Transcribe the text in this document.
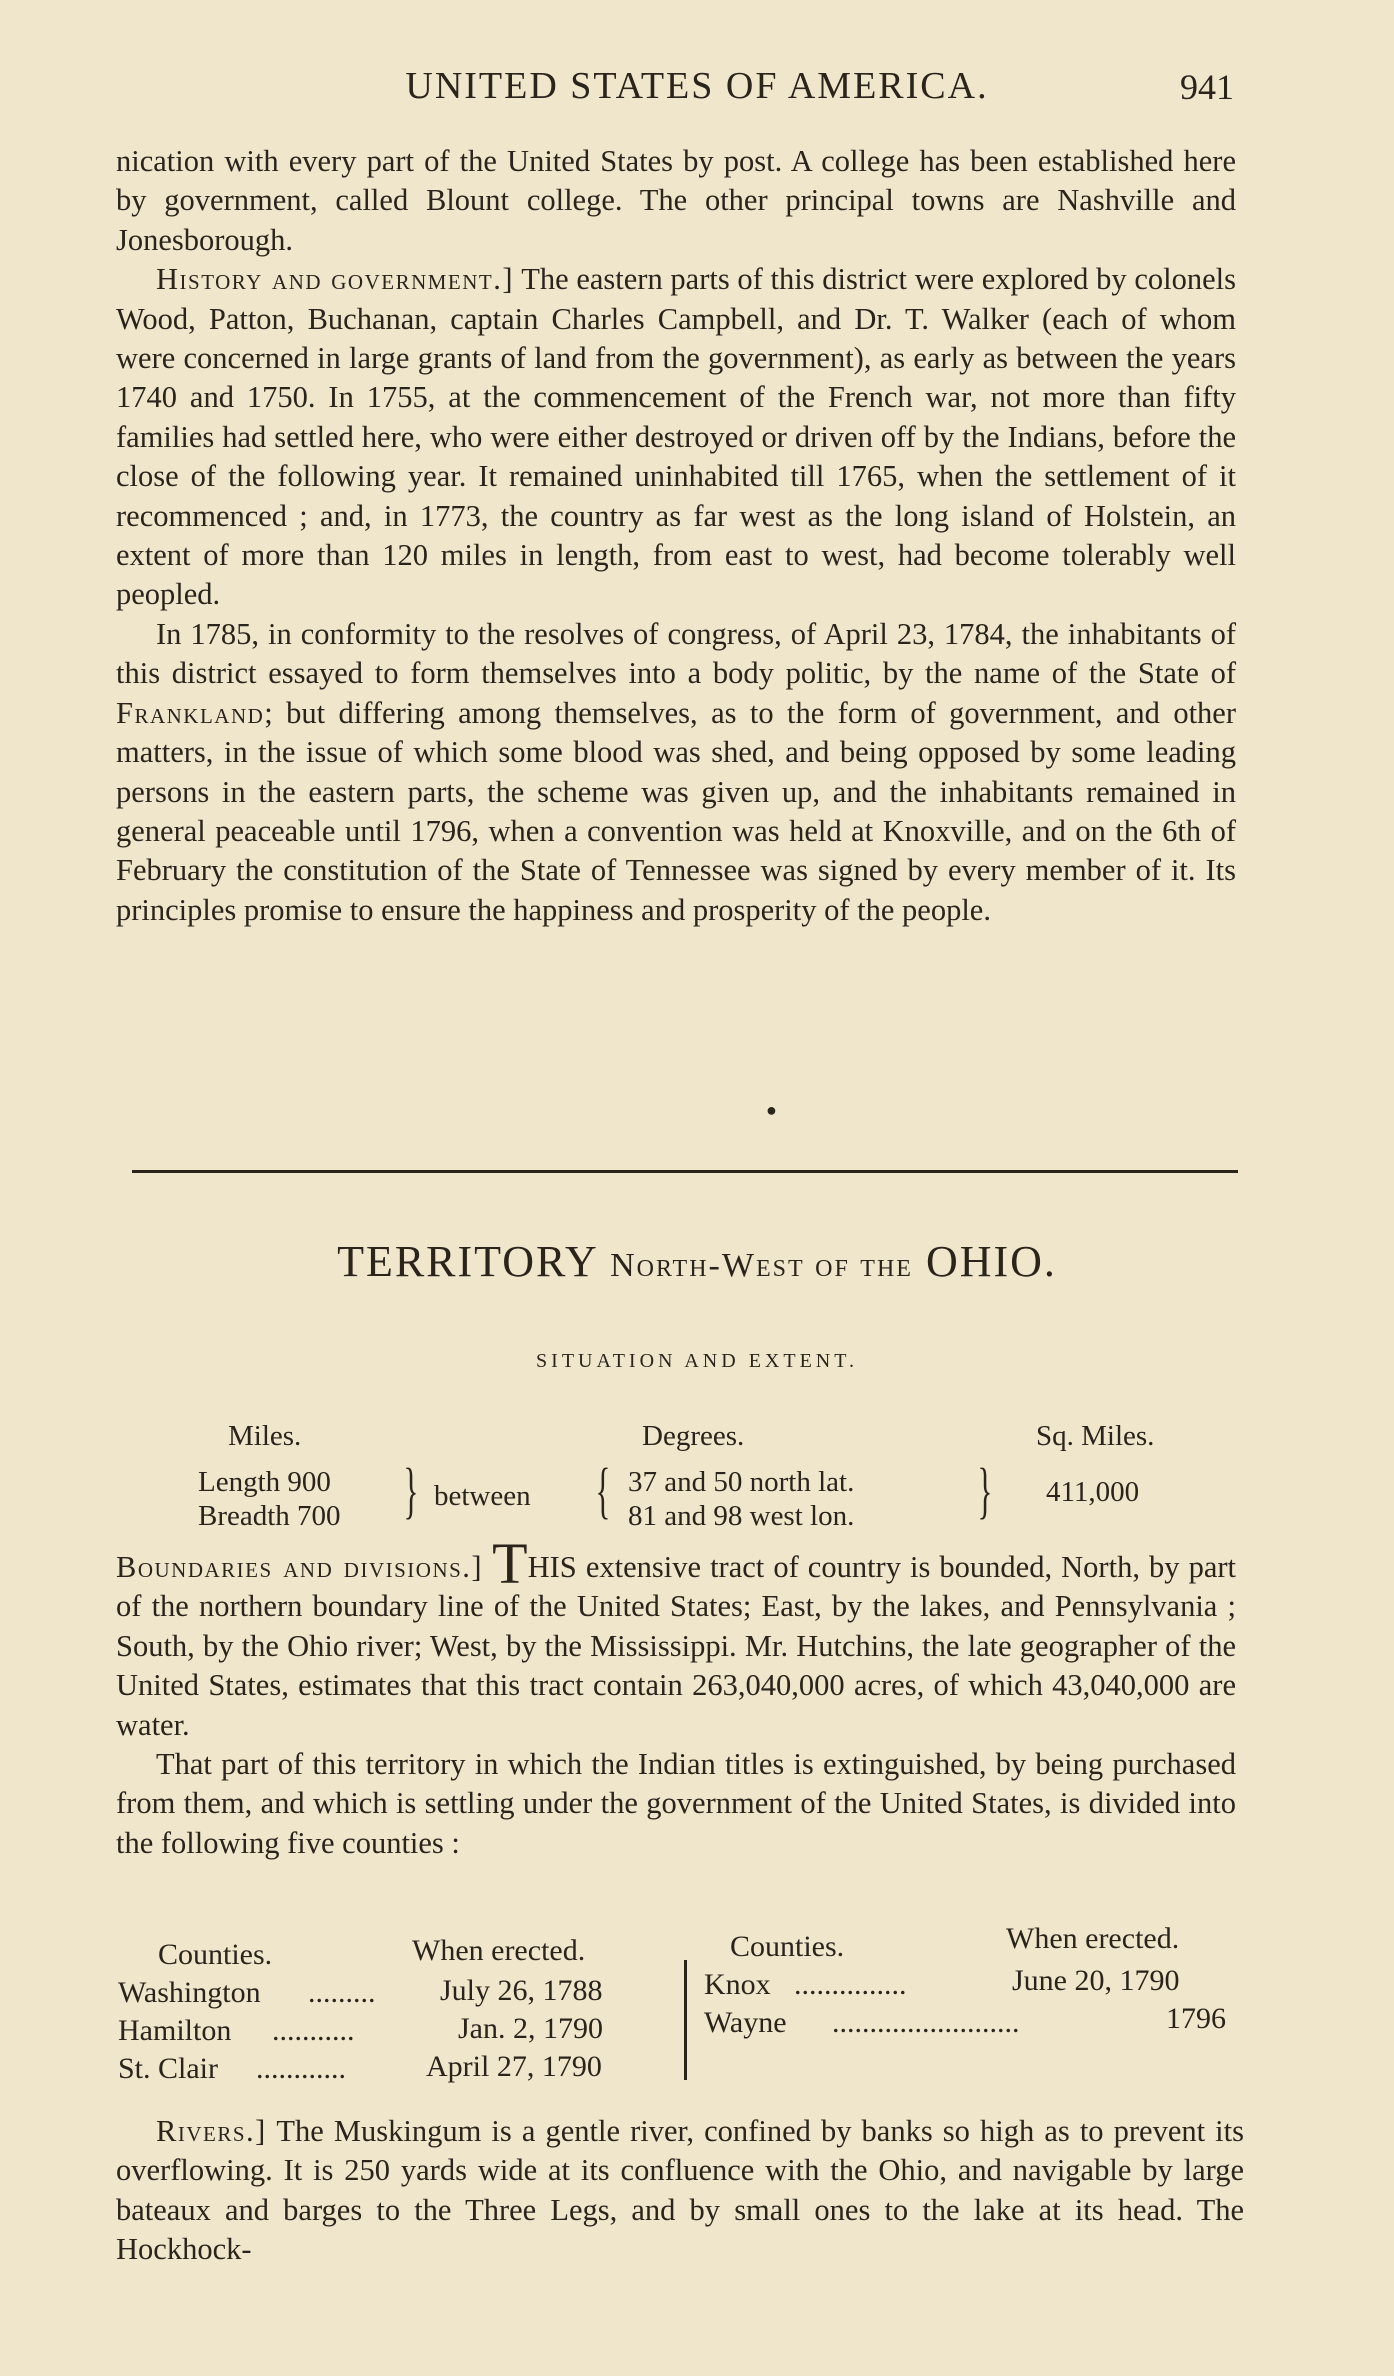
UNITED STATES OF AMERICA.	941

nication with every part of the United States by post. A college has been established here by government, called Blount college. The other principal towns are Nashville and Jonesborough.

History and government.] The eastern parts of this district were explored by colonels Wood, Patton, Buchanan, captain Charles Campbell, and Dr. T. Walker (each of whom were concerned in large grants of land from the government), as early as between the years 1740 and 1750. In 1755, at the commencement of the French war, not more than fifty families had settled here, who were either destroyed or driven off by the Indians, before the close of the following year. It remained uninhabited till 1765, when the settlement of it recommenced ; and, in 1773, the country as far west as the long island of Holstein, an extent of more than 120 miles in length, from east to west, had become tolerably well peopled.

In 1785, in conformity to the resolves of congress, of April 23, 1784, the inhabitants of this district essayed to form themselves into a body politic, by the name of the State of Frankland; but differing among themselves, as to the form of government, and other matters, in the issue of which some blood was shed, and being opposed by some leading persons in the eastern parts, the scheme was given up, and the inhabitants remained in general peaceable until 1796, when a convention was held at Knoxville, and on the 6th of February the constitution of the State of Tennessee was signed by every member of it. Its principles promise to ensure the happiness and prosperity of the people.

●
TERRITORY North-West of the OHIO.
SITUATION AND EXTENT.
Miles.	Degrees.	Sq. Miles.
Length 900
Breadth 700 } between { 37 and 50 north lat.
81 and 98 west lon. } 411,000

Boundaries and divisions.] THIS extensive tract of country is bounded, North, by part of the northern boundary line of the United States; East, by the lakes, and Pennsylvania ; South, by the Ohio river; West, by the Mississippi. Mr. Hutchins, the late geographer of the United States, estimates that this tract contain 263,040,000 acres, of which 43,040,000 are water.

That part of this territory in which the Indian titles is extinguished, by being purchased from them, and which is settling under the government of the United States, is divided into the following five counties :

Counties.	When erected.	Counties.	When erected.
Washington ......... July 26, 1788
Hamilton ...........	Jan. 2, 1790
St. Clair ............	April 27, 1790
Knox ...............	June 20, 1790
Wayne .........................	1796

Rivers.] The Muskingum is a gentle river, confined by banks so high as to prevent its overflowing. It is 250 yards wide at its confluence with the Ohio, and navigable by large bateaux and barges to the Three Legs, and by small ones to the lake at its head. The Hockhock-
